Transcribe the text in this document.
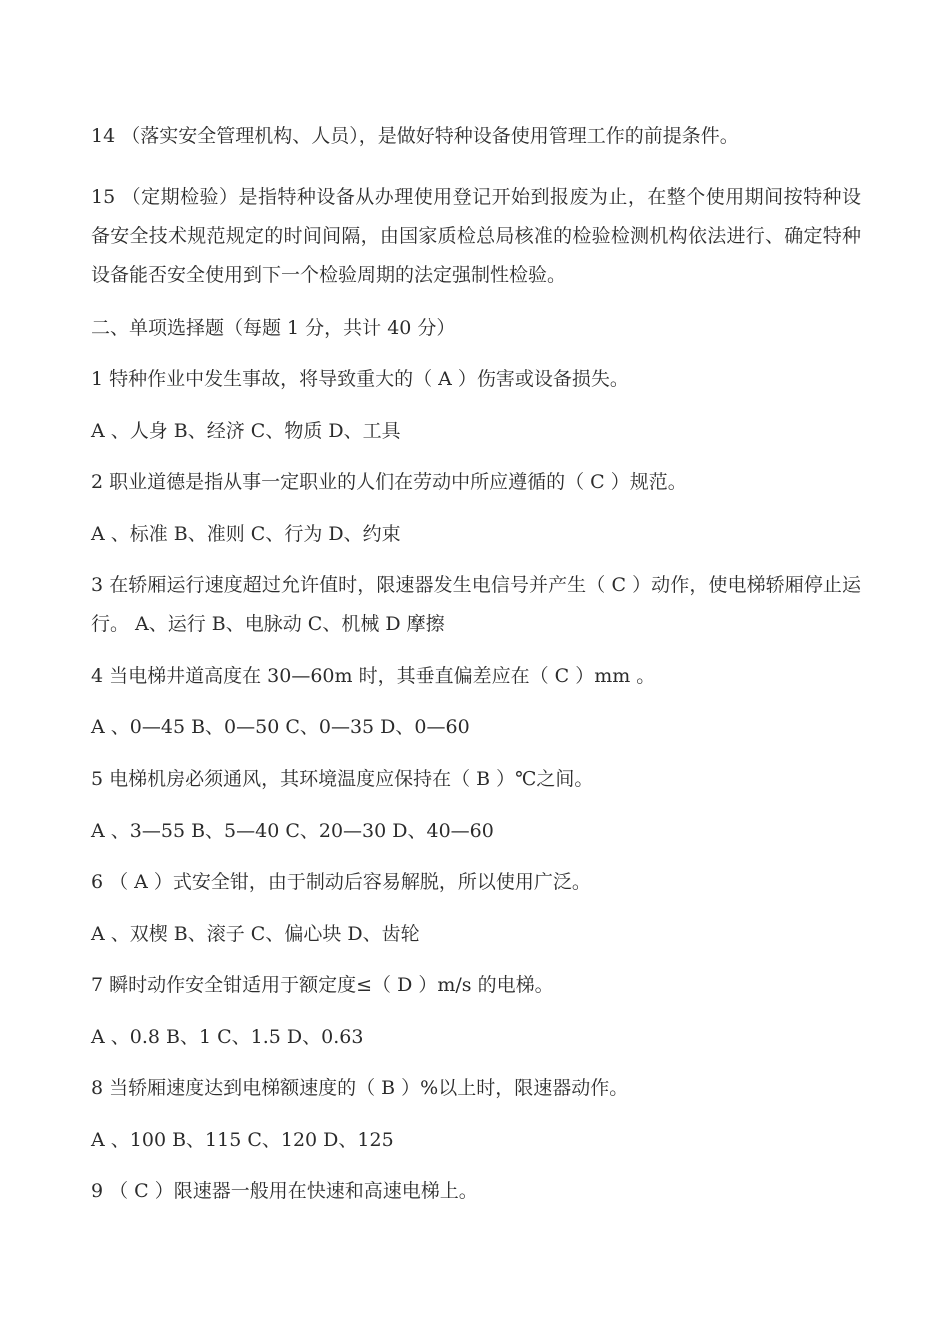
14 （落实安全管理机构、人员），是做好特种设备使用管理工作的前提条件。
15 （定期检验）是指特种设备从办理使用登记开始到报废为止，在整个使用期间按特种设备安全技术规范规定的时间间隔，由国家质检总局核准的检验检测机构依法进行、确定特种设备能否安全使用到下一个检验周期的法定强制性检验。
二、单项选择题（每题 1 分，共计 40 分）
1 特种作业中发生事故，将导致重大的（ A ）伤害或设备损失。
A 、人身 B、经济 C、物质 D、工具
2 职业道德是指从事一定职业的人们在劳动中所应遵循的（ C ）规范。
A 、标准 B、准则 C、行为 D、约束
3 在轿厢运行速度超过允许值时，限速器发生电信号并产生（ C ）动作，使电梯轿厢停止运行。 A、运行 B、电脉动 C、机械 D 摩擦
4 当电梯井道高度在 30—60m 时，其垂直偏差应在（ C ）mm 。
A 、0—45 B、0—50 C、0—35 D、0—60
5 电梯机房必须通风，其环境温度应保持在（ B ）℃之间。
A 、3—55 B、5—40 C、20—30 D、40—60
6 （ A ）式安全钳，由于制动后容易解脱，所以使用广泛。
A 、双楔 B、滚子 C、偏心块 D、齿轮
7 瞬时动作安全钳适用于额定度≤（ D ）m/s 的电梯。
A 、0.8 B、1 C、1.5 D、0.63
8 当轿厢速度达到电梯额速度的（ B ）%以上时，限速器动作。
A 、100 B、115 C、120 D、125
9 （ C ）限速器一般用在快速和高速电梯上。
